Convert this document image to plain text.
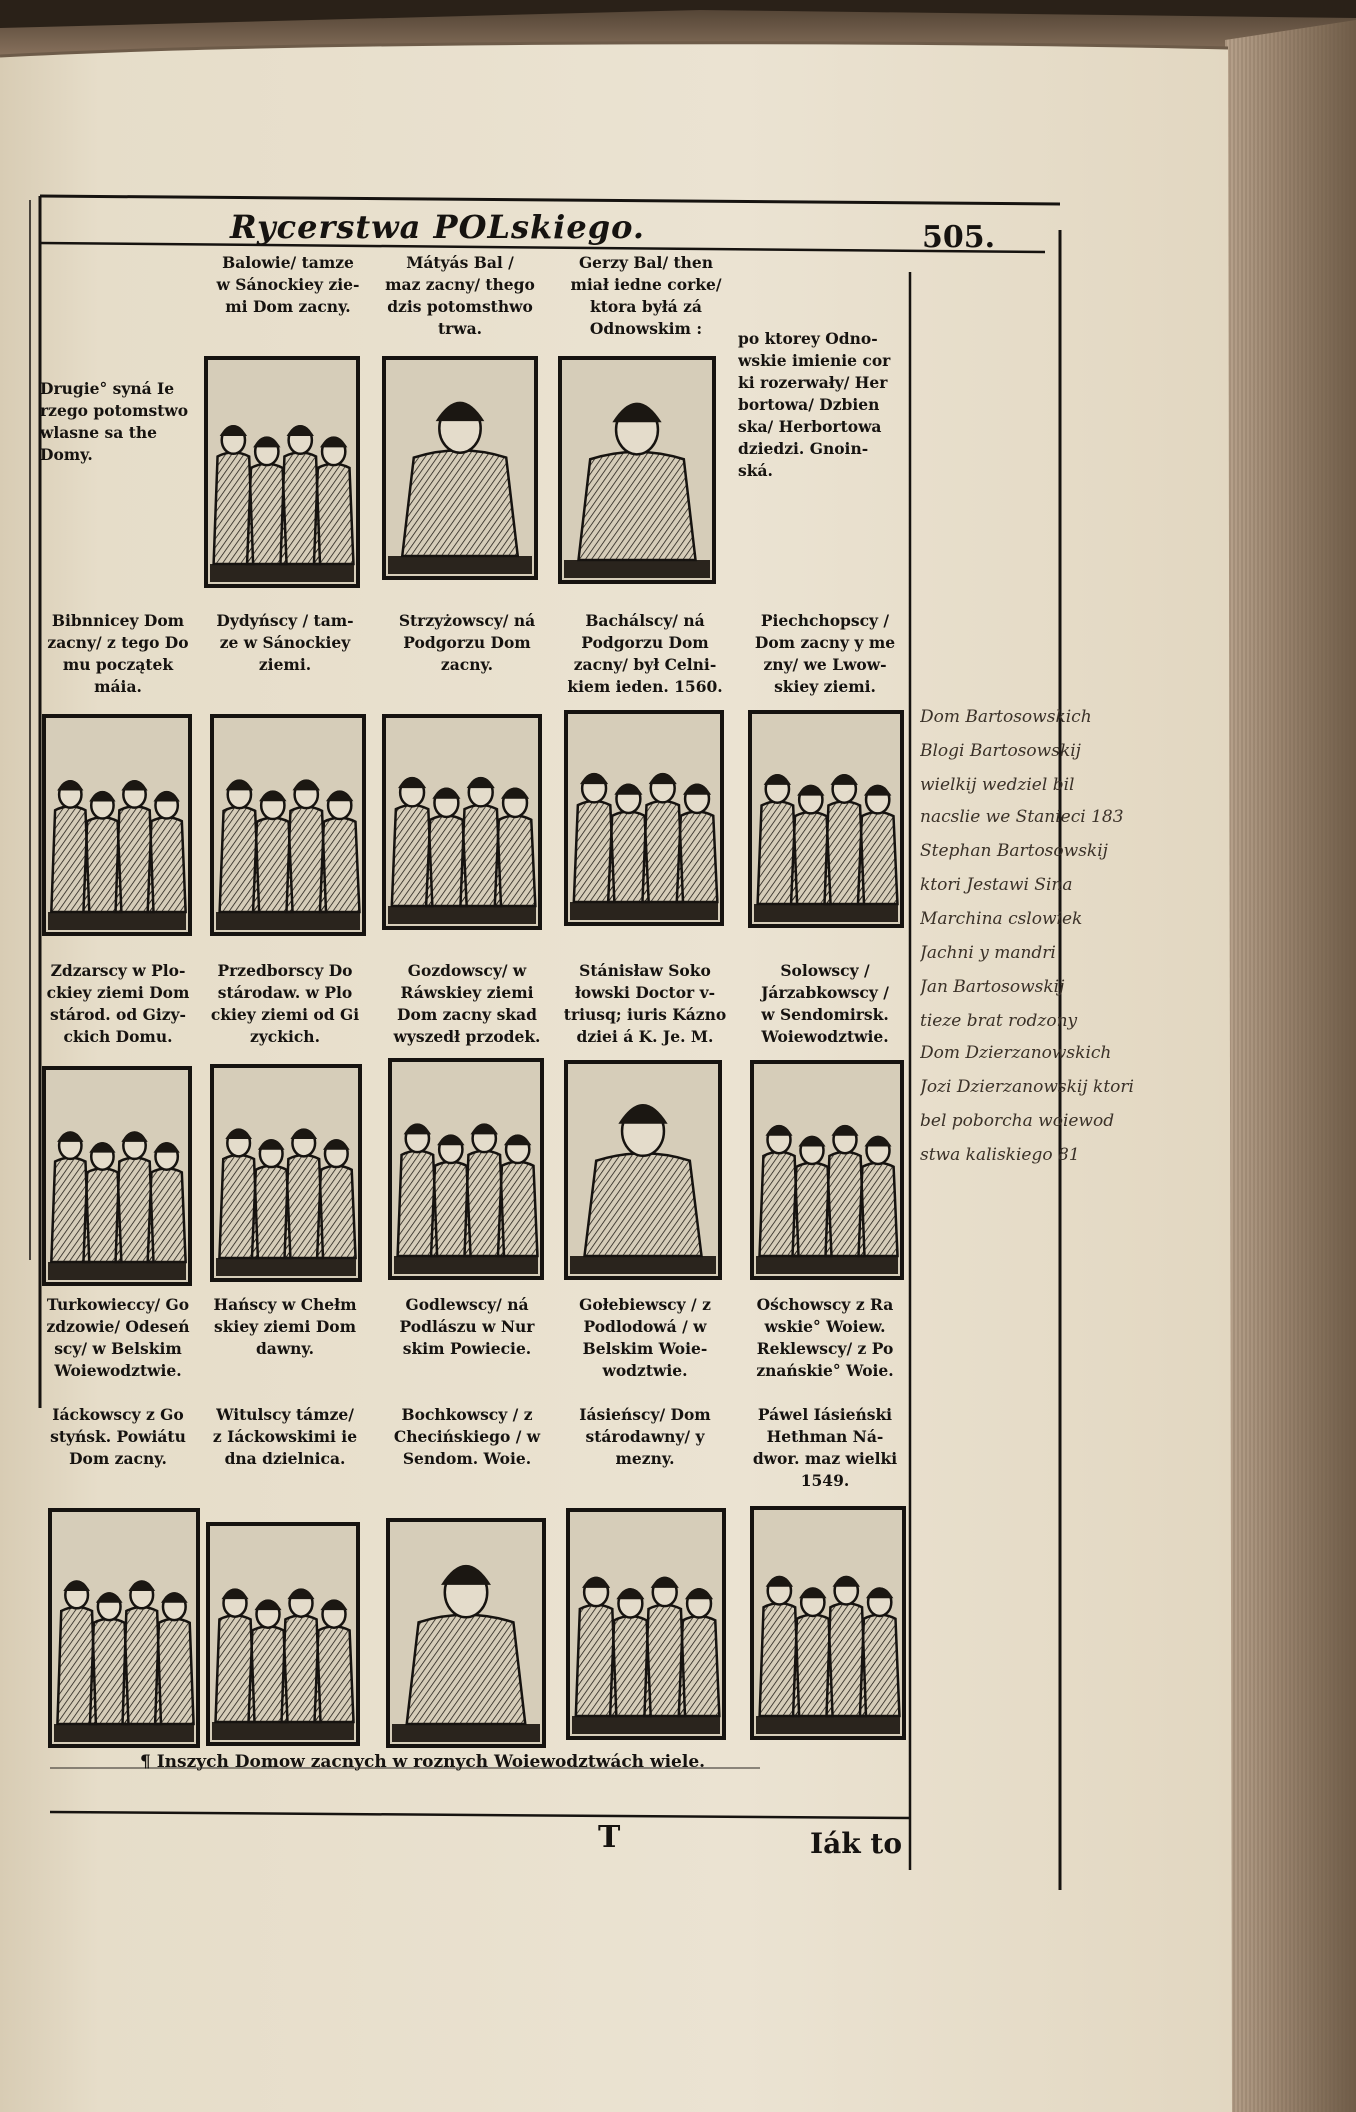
Rycerstwa POLskiego.	505.
Drugie° syná Ie
rzego potomstwo
wlasne sa the
Domy.
Balowie/ tamze
w Sánockiey zie-
mi Dom zacny.
Mátyás Bal /
maz zacny/ thego
dzis potomsthwo
trwa.
Gerzy Bal/ then
miał iedne corke/
ktora byłá zá
Odnowskim :
po ktorey Odno-
wskie imienie cor
ki rozerwały/ Her
bortowa/ Dzbien
ska/ Herbortowa
dziedzi. Gnoin-
ská.
Bibnnicey Dom
zacny/ z tego Do
mu początek
máia.
Dydyńscy / tam-
ze w Sánockiey
ziemi.
Strzyżowscy/ ná
Podgorzu Dom
zacny.
Bachálscy/ ná
Podgorzu Dom
zacny/ był Celni-
kiem ieden. 1560.
Piechchopscy /
Dom zacny y me
zny/ we Lwow-
skiey ziemi.
Zdzarscy w Plo-
ckiey ziemi Dom
stárod. od Gizy-
ckich Domu.
Przedborscy Do
stárodaw. w Plo
ckiey ziemi od Gi
zyckich.
Gozdowscy/ w
Ráwskiey ziemi
Dom zacny skad
wyszedł przodek.
Stánisław Soko
łowski Doctor v-
triusq; iuris Kázno
dziei á K. Je. M.
Solowscy /
Járzabkowscy /
w Sendomirsk.
Woiewodztwie.
Turkowieccy/ Go
zdzowie/ Odeseń
scy/ w Belskim
Woiewodztwie.
Hańscy w Chełm
skiey ziemi Dom
dawny.
Godlewscy/ ná
Podlászu w Nur
skim Powiecie.
Gołebiewscy / z
Podlodowá / w
Belskim Woie-
wodztwie.
Ośchowscy z Ra
wskie° Woiew.
Reklewscy/ z Po
znańskie° Woie.
Iáckowscy z Go
styńsk. Powiátu
Dom zacny.
Witulscy támze/
z Iáckowskimi ie
dna dzielnica.
Bochkowscy / z
Checińskiego / w
Sendom. Woie.
Iásieńscy/ Dom
stárodawny/ y
mezny.
Páwel Iásieński
Hethman Ná-
dwor. maz wielki
1549.
¶ Inszych Domow zacnych w roznych Woiewodztwách wiele.
T	Iák to
Dom Bartosowskich
Blogi Bartosowskij
wielkij wedziel bil
nacslie we Stanieci 183
Stephan Bartosowskij
ktori Jestawi Sina
Marchina cslowiek
Jachni y mandri
Jan Bartosowskij
tieze brat rodzony
Dom Dzierzanowskich
Jozi Dzierzanowskij ktori
bel poborcha woiewod
stwa kaliskiego 81
